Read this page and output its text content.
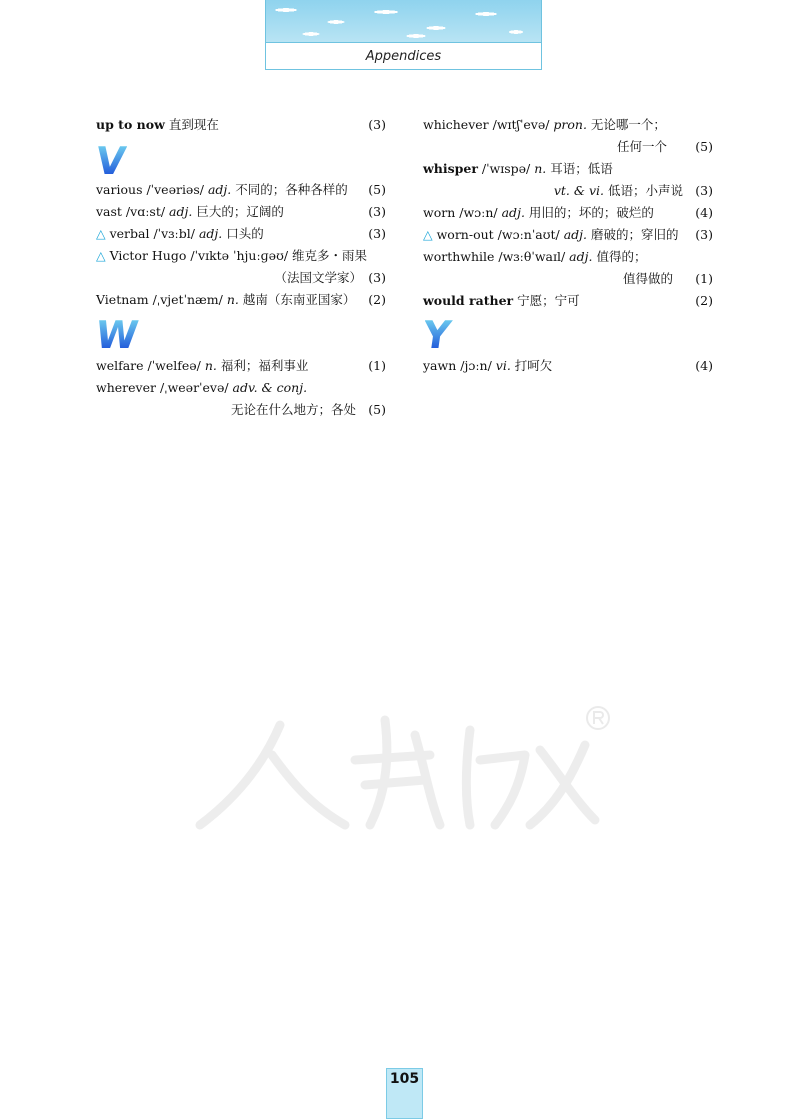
Appendices
up to now 直到现在	(3)
V
various /ˈveəriəs/ adj. 不同的；各种各样的 (5)
vast /vɑːst/ adj. 巨大的；辽阔的	(3)
△ verbal /ˈvɜːbl/ adj. 口头的	(3)
△ Victor Hugo /ˈvɪktə ˈhjuːɡəʊ/ 维克多・雨果
（法国文学家） (3)
Vietnam /ˌvjetˈnæm/ n. 越南（东南亚国家） (2)
W
welfare /ˈwelfeə/ n. 福利；福利事业	(1)
wherever /ˌweərˈevə/ adv. & conj.
无论在什么地方；各处 (5)
whichever /wɪtʃˈevə/ pron. 无论哪一个；
任何一个 (5)
whisper /ˈwɪspə/ n. 耳语；低语
vt. & vi. 低语；小声说 (3)
worn /wɔːn/ adj. 用旧的；坏的；破烂的	(4)
△ worn-out /wɔːnˈaʊt/ adj. 磨破的；穿旧的 (3)
worthwhile /wɜːθˈwaɪl/ adj. 值得的；
值得做的 (1)
would rather 宁愿；宁可	(2)
Y
yawn /jɔːn/ vi. 打呵欠	(4)
105
